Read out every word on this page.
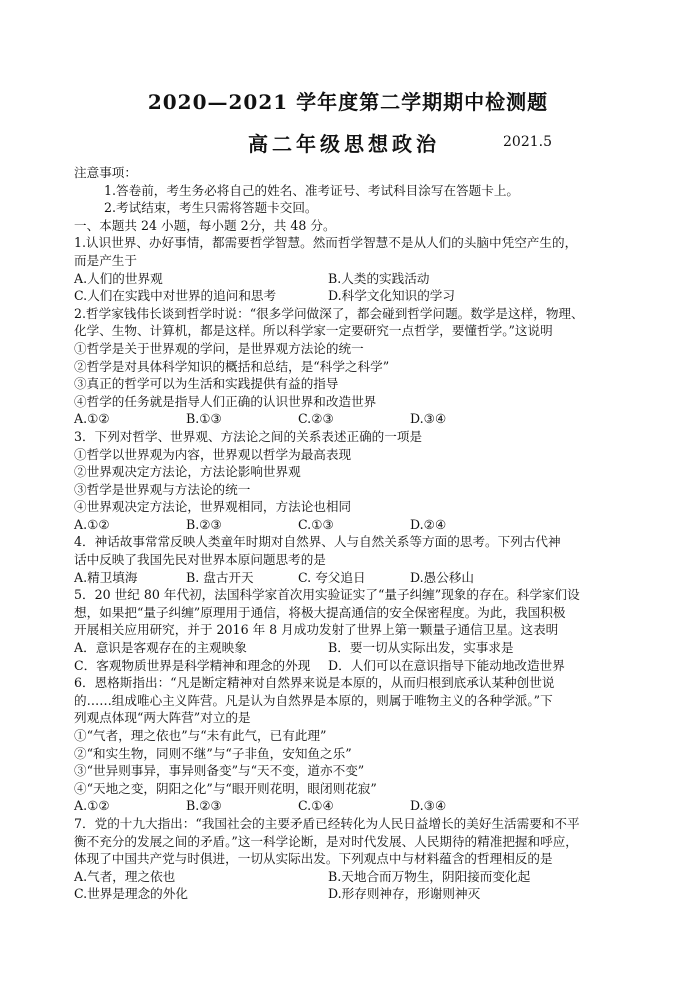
2020—2021 学年度第二学期期中检测题
高二年级思想政治	2021.5
注意事项：
1.答卷前，考生务必将自己的姓名、准考证号、考试科目涂写在答题卡上。
2.考试结束，考生只需将答题卡交回。
一、本题共 24 小题，每小题 2分，共 48 分。
1.认识世界、办好事情，都需要哲学智慧。然而哲学智慧不是从人们的头脑中凭空产生的，
而是产生于
A.人们的世界观	B.人类的实践活动
C.人们在实践中对世界的追问和思考	D.科学文化知识的学习
2.哲学家钱伟长谈到哲学时说：“很多学问做深了，都会碰到哲学问题。数学是这样，物理、
化学、生物、计算机，都是这样。所以科学家一定要研究一点哲学，要懂哲学。”这说明
①哲学是关于世界观的学问，是世界观方法论的统一
②哲学是对具体科学知识的概括和总结，是“科学之科学”
③真正的哲学可以为生活和实践提供有益的指导
④哲学的任务就是指导人们正确的认识世界和改造世界
A.①②	B.①③	C.②③	D.③④
3．下列对哲学、世界观、方法论之间的关系表述正确的一项是
①哲学以世界观为内容，世界观以哲学为最高表现
②世界观决定方法论，方法论影响世界观
③哲学是世界观与方法论的统一
④世界观决定方法论，世界观相同，方法论也相同
A.①②	B.②③	C.①③	D.②④
4．神话故事常常反映人类童年时期对自然界、人与自然关系等方面的思考。下列古代神
话中反映了我国先民对世界本原问题思考的是
A.精卫填海	B. 盘古开天	C. 夸父追日	D.愚公移山
5．20 世纪 80 年代初，法国科学家首次用实验证实了“量子纠缠”现象的存在。科学家们设
想，如果把“量子纠缠”原理用于通信，将极大提高通信的安全保密程度。为此，我国积极
开展相关应用研究，并于 2016 年 8 月成功发射了世界上第一颗量子通信卫星。这表明
A．意识是客观存在的主观映象	B．要一切从实际出发，实事求是
C．客观物质世界是科学精神和理念的外现	D．人们可以在意识指导下能动地改造世界
6．恩格斯指出：“凡是断定精神对自然界来说是本原的，从而归根到底承认某种创世说
的……组成唯心主义阵营。凡是认为自然界是本原的，则属于唯物主义的各种学派。”下
列观点体现“两大阵营”对立的是
①“气者，理之依也”与“未有此气，已有此理”
②“和实生物，同则不继”与“子非鱼，安知鱼之乐”
③“世异则事异，事异则备变”与“天不变，道亦不变”
④“天地之变，阴阳之化”与“眼开则花明，眼闭则花寂”
A.①②	B.②③	C.①④	D.③④
7．党的十九大指出：“我国社会的主要矛盾已经转化为人民日益增长的美好生活需要和不平
衡不充分的发展之间的矛盾。”这一科学论断，是对时代发展、人民期待的精准把握和呼应，
体现了中国共产党与时俱进，一切从实际出发。下列观点中与材料蕴含的哲理相反的是
A.气者，理之依也	B.天地合而万物生，阴阳接而变化起
C.世界是理念的外化	D.形存则神存，形谢则神灭
